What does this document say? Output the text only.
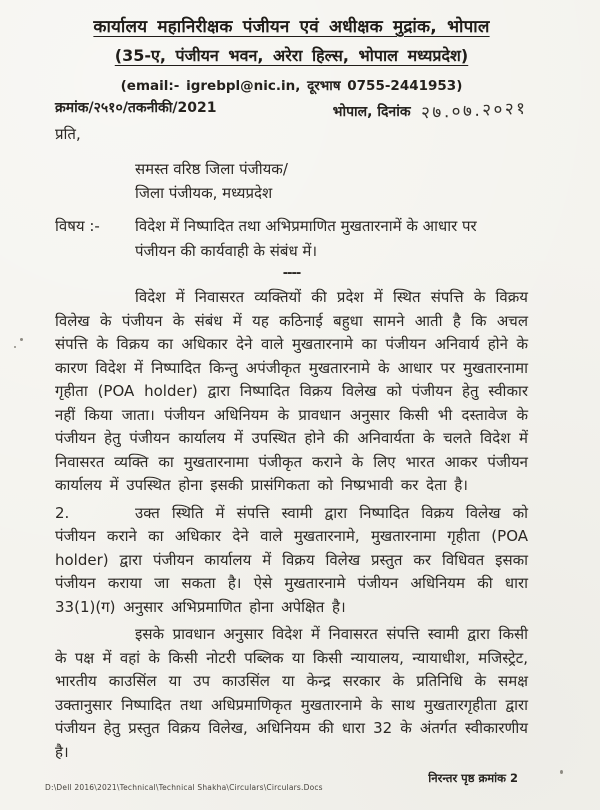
कार्यालय महानिरीक्षक पंजीयन एवं अधीक्षक मुद्रांक, भोपाल
(35-ए, पंजीयन भवन, अरेरा हिल्स, भोपाल मध्यप्रदेश)
(email:- igrebpl@nic.in, दूरभाष 0755-2441953)
क्रमांक/२५१०/तकनीकी/2021	भोपाल, दिनांक २७.०७.२०२१
प्रति,
समस्त वरिष्ठ जिला पंजीयक/
जिला पंजीयक, मध्यप्रदेश
विषय :-	विदेश में निष्पादित तथा अभिप्रमाणित मुखतारनामें के आधार पर पंजीयन की कार्यवाही के संबंध में।
----

विदेश में निवासरत व्यक्तियों की प्रदेश में स्थित संपत्ति के विक्रय विलेख के पंजीयन के संबंध में यह कठिनाई बहुधा सामने आती है कि अचल संपत्ति के विक्रय का अधिकार देने वाले मुखतारनामे का पंजीयन अनिवार्य होने के कारण विदेश में निष्पादित किन्तु अपंजीकृत मुखतारनामे के आधार पर मुखतारनामा गृहीता (POA holder) द्वारा निष्पादित विक्रय विलेख को पंजीयन हेतु स्वीकार नहीं किया जाता। पंजीयन अधिनियम के प्रावधान अनुसार किसी भी दस्तावेज के पंजीयन हेतु पंजीयन कार्यालय में उपस्थित होने की अनिवार्यता के चलते विदेश में निवासरत व्यक्ति का मुखतारनामा पंजीकृत कराने के लिए भारत आकर पंजीयन कार्यालय में उपस्थित होना इसकी प्रासंगिकता को निष्प्रभावी कर देता है।

2.	उक्त स्थिति में संपत्ति स्वामी द्वारा निष्पादित विक्रय विलेख को पंजीयन कराने का अधिकार देने वाले मुखतारनामे, मुखतारनामा गृहीता (POA holder) द्वारा पंजीयन कार्यालय में विक्रय विलेख प्रस्तुत कर विधिवत इसका पंजीयन कराया जा सकता है। ऐसे मुखतारनामे पंजीयन अधिनियम की धारा 33(1)(ग) अनुसार अभिप्रमाणित होना अपेक्षित है।

इसके प्रावधान अनुसार विदेश में निवासरत संपत्ति स्वामी द्वारा किसी के पक्ष में वहां के किसी नोटरी पब्लिक या किसी न्यायालय, न्यायाधीश, मजिस्ट्रेट, भारतीय काउसिंल या उप काउसिंल या केन्द्र सरकार के प्रतिनिधि के समक्ष उक्तानुसार निष्पादित तथा अधिप्रमाणिकृत मुखतारनामे के साथ मुखतारगृहीता द्वारा पंजीयन हेतु प्रस्तुत विक्रय विलेख, अधिनियम की धारा 32 के अंतर्गत स्वीकारणीय है।

निरन्तर पृष्ठ क्रमांक 2
D:\Dell 2016\2021\Technical\Technical Shakha\Circulars\Circulars.Docs
